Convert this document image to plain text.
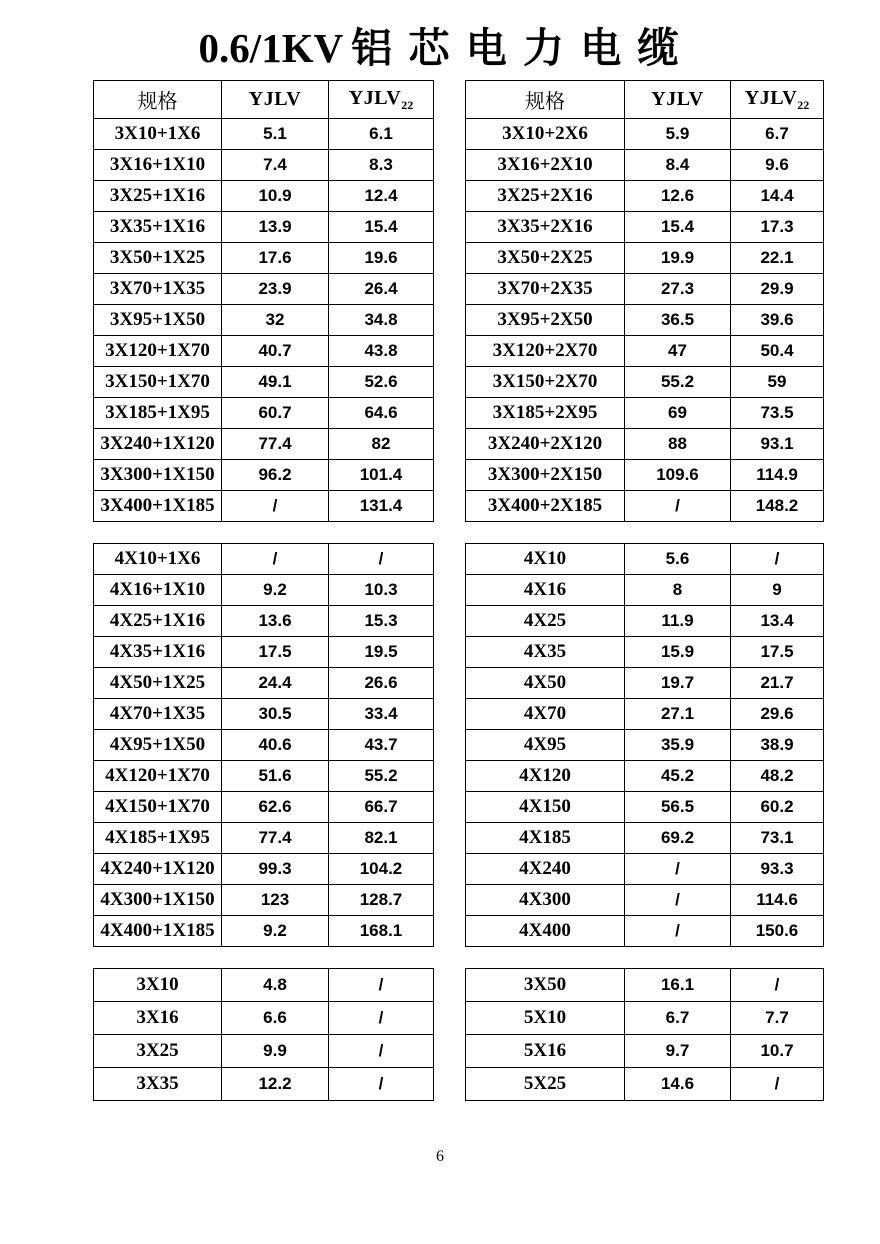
0.6/1KV 铝 芯 电 力 电 缆
规格	YJLV	$YJLV_{22}$
3X10+1X6	5.1	6.1
3X16+1X10	7.4	8.3
3X25+1X16	10.9	12.4
3X35+1X16	13.9	15.4
3X50+1X25	17.6	19.6
3X70+1X35	23.9	26.4
3X95+1X50	32	34.8
3X120+1X70	40.7	43.8
3X150+1X70	49.1	52.6
3X185+1X95	60.7	64.6
3X240+1X120	77.4	82
3X300+1X150	96.2	101.4
3X400+1X185	/	131.4
4X10+1X6	/	/
4X16+1X10	9.2	10.3
4X25+1X16	13.6	15.3
4X35+1X16	17.5	19.5
4X50+1X25	24.4	26.6
4X70+1X35	30.5	33.4
4X95+1X50	40.6	43.7
4X120+1X70	51.6	55.2
4X150+1X70	62.6	66.7
4X185+1X95	77.4	82.1
4X240+1X120	99.3	104.2
4X300+1X150	123	128.7
4X400+1X185	9.2	168.1
3X10	4.8	/
3X16	6.6	/
3X25	9.9	/
3X35	12.2	/
规格	YJLV	$YJLV_{22}$
3X10+2X6	5.9	6.7
3X16+2X10	8.4	9.6
3X25+2X16	12.6	14.4
3X35+2X16	15.4	17.3
3X50+2X25	19.9	22.1
3X70+2X35	27.3	29.9
3X95+2X50	36.5	39.6
3X120+2X70	47	50.4
3X150+2X70	55.2	59
3X185+2X95	69	73.5
3X240+2X120	88	93.1
3X300+2X150	109.6	114.9
3X400+2X185	/	148.2
4X10	5.6	/
4X16	8	9
4X25	11.9	13.4
4X35	15.9	17.5
4X50	19.7	21.7
4X70	27.1	29.6
4X95	35.9	38.9
4X120	45.2	48.2
4X150	56.5	60.2
4X185	69.2	73.1
4X240	/	93.3
4X300	/	114.6
4X400	/	150.6
3X50	16.1	/
5X10	6.7	7.7
5X16	9.7	10.7
5X25	14.6	/
6
